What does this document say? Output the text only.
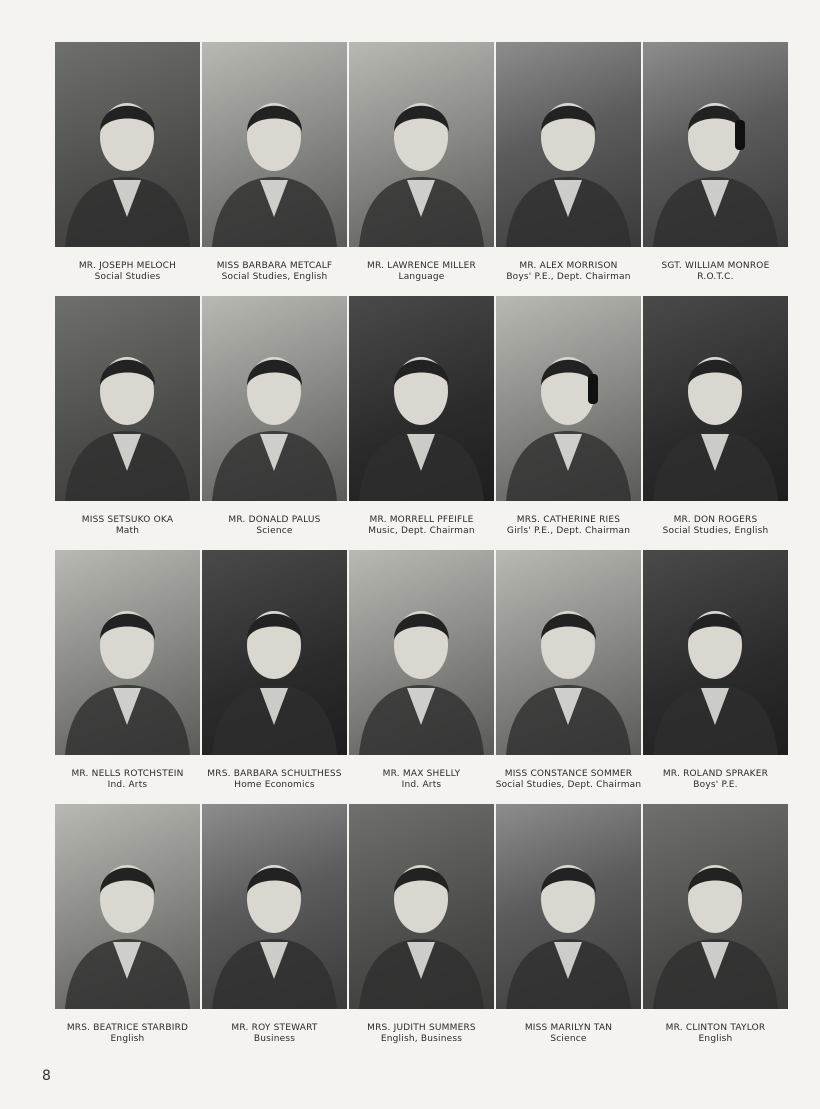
MR. JOSEPH MELOCH
Social Studies
MISS BARBARA METCALF
Social Studies, English
MR. LAWRENCE MILLER
Language
MR. ALEX MORRISON
Boys' P.E., Dept. Chairman
SGT. WILLIAM MONROE
R.O.T.C.
MISS SETSUKO OKA
Math
MR. DONALD PALUS
Science
MR. MORRELL PFEIFLE
Music, Dept. Chairman
MRS. CATHERINE RIES
Girls' P.E., Dept. Chairman
MR. DON ROGERS
Social Studies, English
MR. NELLS ROTCHSTEIN
Ind. Arts
MRS. BARBARA SCHULTHESS
Home Economics
MR. MAX SHELLY
Ind. Arts
MISS CONSTANCE SOMMER
Social Studies, Dept. Chairman
MR. ROLAND SPRAKER
Boys' P.E.
MRS. BEATRICE STARBIRD
English
MR. ROY STEWART
Business
MRS. JUDITH SUMMERS
English, Business
MISS MARILYN TAN
Science
MR. CLINTON TAYLOR
English
8
